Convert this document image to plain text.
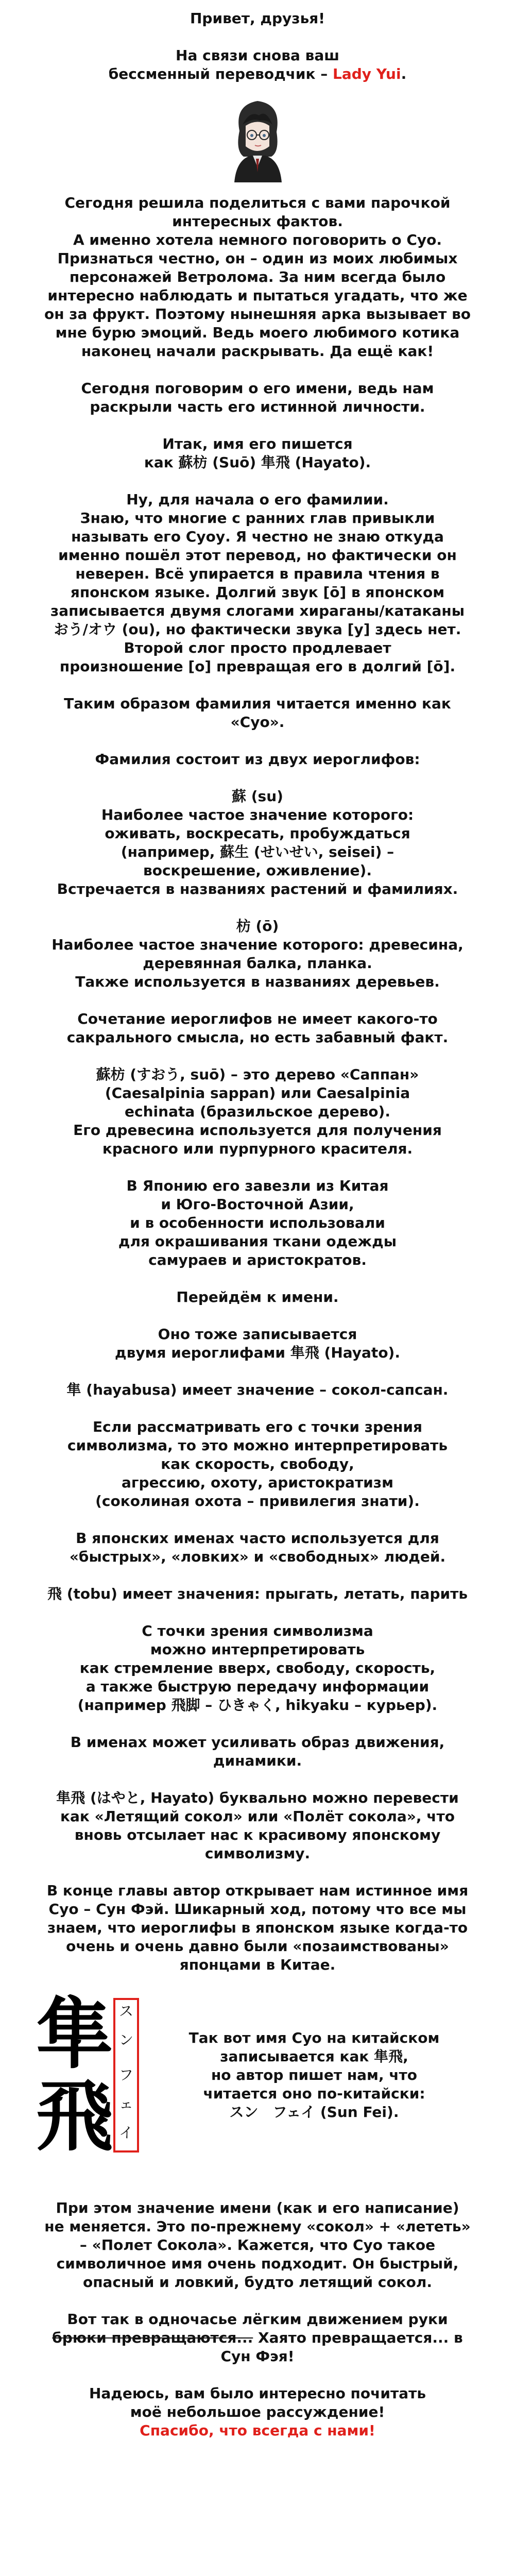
Привет, друзья!

На связи снова ваш

бессменный переводчик – Lady Yui.

Сегодня решила поделиться с вами парочкой

интересных фактов.

А именно хотела немного поговорить о Суо.

Признаться честно, он – один из моих любимых

персонажей Ветролома. За ним всегда было

интересно наблюдать и пытаться угадать, что же

он за фрукт. Поэтому нынешняя арка вызывает во

мне бурю эмоций. Ведь моего любимого котика

наконец начали раскрывать. Да ещё как!

Сегодня поговорим о его имени, ведь нам

раскрыли часть его истинной личности.

Итак, имя его пишется

как 蘇枋 (Suō) 隼飛 (Hayato).

Ну, для начала о его фамилии.

Знаю, что многие с ранних глав привыкли

называть его Суоу. Я честно не знаю откуда

именно пошёл этот перевод, но фактически он

неверен. Всё упирается в правила чтения в

японском языке. Долгий звук [ō] в японском

записывается двумя слогами хираганы/катаканы

おう/オウ (ou), но фактически звука [у] здесь нет.

Второй слог просто продлевает

произношение [о] превращая его в долгий [ō].

Таким образом фамилия читается именно как

«Суо».

Фамилия состоит из двух иероглифов:

蘇 (su)

Наиболее частое значение которого:

оживать, воскресать, пробуждаться

(например, 蘇生 (せいせい, seisei) –

воскрешение, оживление).

Встречается в названиях растений и фамилиях.

枋 (ō)

Наиболее частое значение которого: древесина,

деревянная балка, планка.

Также используется в названиях деревьев.

Сочетание иероглифов не имеет какого-то

сакрального смысла, но есть забавный факт.

蘇枋 (すおう, suō) – это дерево «Саппан»

(Caesalpinia sappan) или Caesalpinia

echinata (бразильское дерево).

Его древесина используется для получения

красного или пурпурного красителя.

В Японию его завезли из Китая

и Юго-Восточной Азии,

и в особенности использовали

для окрашивания ткани одежды

самураев и аристократов.

Перейдём к имени.

Оно тоже записывается

двумя иероглифами 隼飛 (Hayato).

隼 (hayabusa) имеет значение – сокол-сапсан.

Если рассматривать его с точки зрения

символизма, то это можно интерпретировать

как скорость, свободу,

агрессию, охоту, аристократизм

(соколиная охота – привилегия знати).

В японских именах часто используется для

«быстрых», «ловких» и «свободных» людей.

飛 (tobu) имеет значения: прыгать, летать, парить

С точки зрения символизма

можно интерпретировать

как стремление вверх, свободу, скорость,

а также быструю передачу информации

(например 飛脚 – ひきゃく, hikyaku – курьер).

В именах может усиливать образ движения,

динамики.

隼飛 (はやと, Hayato) буквально можно перевести

как «Летящий сокол» или «Полёт сокола», что

вновь отсылает нас к красивому японскому

символизму.

В конце главы автор открывает нам истинное имя

Суо – Сун Фэй. Шикарный ход, потому что все мы

знаем, что иероглифы в японском языке когда-то

очень и очень давно были «позаимствованы»

японцами в Китае.

隼
飛
ス
ン
フ
ェ
イ

Так вот имя Суо на китайском

записывается как 隼飛,

но автор пишет нам, что

читается оно по-китайски:

スン　フェイ (Sun Fei).

При этом значение имени (как и его написание)

не меняется. Это по-прежнему «сокол» + «лететь»

– «Полет Сокола». Кажется, что Суо такое

символичное имя очень подходит. Он быстрый,

опасный и ловкий, будто летящий сокол.

Вот так в одночасье лёгким движением руки

брюки превращаются... Хаято превращается... в

Сун Фэя!

Надеюсь, вам было интересно почитать

моё небольшое рассуждение!

Спасибо, что всегда с нами!
